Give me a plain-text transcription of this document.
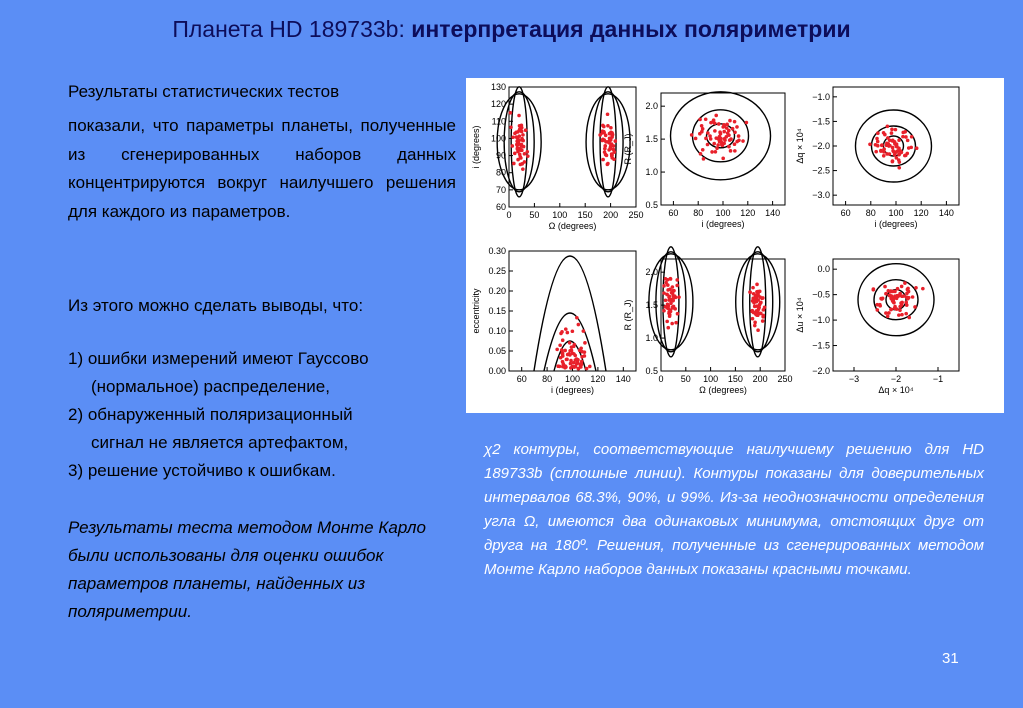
Планета HD 189733b: интерпретация данных поляриметрии
Результаты статистических тестов
показали, что параметры планеты, полученные из сгенерированных наборов данных концентрируются вокруг наилучшего решения для каждого из параметров.
Из этого можно сделать выводы, что:
1) ошибки измерений имеют Гауссово
(нормальное) распределение,
2) обнаруженный поляризационный
сигнал не является артефактом,
3) решение устойчиво к ошибкам.
Результаты теста методом Монте Карло были использованы для оценки ошибок параметров планеты, найденных из поляриметрии.
0 50 100 150 200 250
60
70
80
90
100
110
120
130
Ω (degrees)
i (degrees)
60 80 100 120 140
0.5
1.0
1.5
2.0
i (degrees)
R (R_J)
60 80 100 120 140
−1.0
−1.5
−2.0
−2.5
−3.0
i (degrees)
Δq × 10⁴
60 80 100 120 140
0.00
0.05
0.10
0.15
0.20
0.25
0.30
i (degrees)
eccentricity
0 50 100 150 200 250
0.5
1.0
1.5
2.0
Ω (degrees)
R (R_J)
−3	−2	−1
0.0
−0.5
−1.0
−1.5
−2.0
Δq × 10⁴
Δu × 10⁴
χ2 контуры, соответствующие наилучшему решению для HD 189733b (сплошные линии). Контуры показаны для доверительных интервалов 68.3%, 90%, и 99%. Из-за неоднозначности определения угла Ω, имеются два одинаковых минимума, отстоящих друг от друга на 180º. Решения, полученные из сгенерированных методом Монте Карло наборов данных показаны красными точками.
31
